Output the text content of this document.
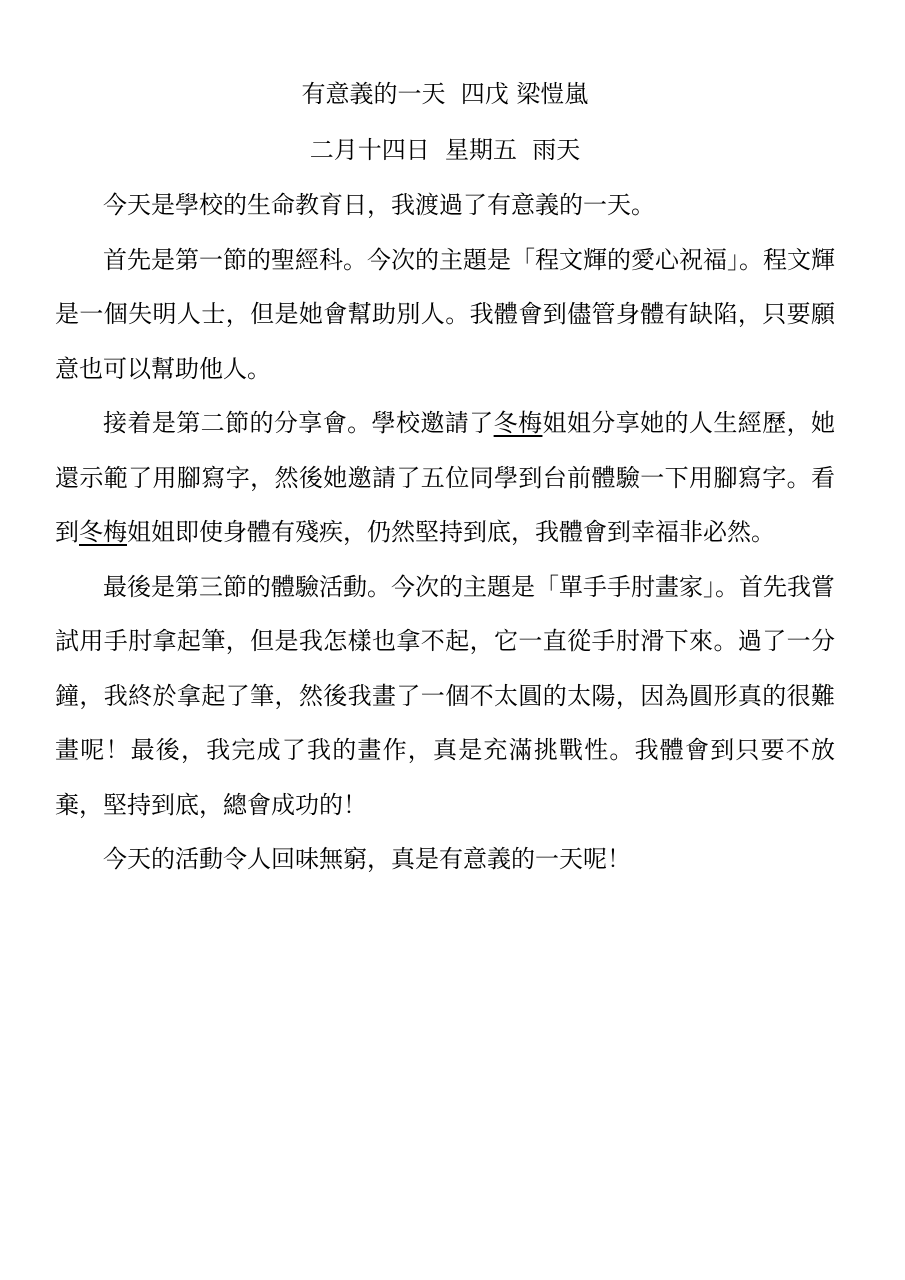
有意義的一天  四戊 梁愷嵐
二月十四日  星期五  雨天

今天是學校的生命教育日，我渡過了有意義的一天。

首先是第一節的聖經科。今次的主題是「程文輝的愛心祝福」。程文輝是一個失明人士，但是她會幫助別人。我體會到儘管身體有缺陷，只要願意也可以幫助他人。

接着是第二節的分享會。學校邀請了冬梅姐姐分享她的人生經歷，她還示範了用腳寫字，然後她邀請了五位同學到台前體驗一下用腳寫字。看到冬梅姐姐即使身體有殘疾，仍然堅持到底，我體會到幸福非必然。

最後是第三節的體驗活動。今次的主題是「單手手肘畫家」。首先我嘗試用手肘拿起筆，但是我怎樣也拿不起，它一直從手肘滑下來。過了一分鐘，我終於拿起了筆，然後我畫了一個不太圓的太陽，因為圓形真的很難畫呢！最後，我完成了我的畫作，真是充滿挑戰性。我體會到只要不放棄，堅持到底，總會成功的！

今天的活動令人回味無窮，真是有意義的一天呢！
